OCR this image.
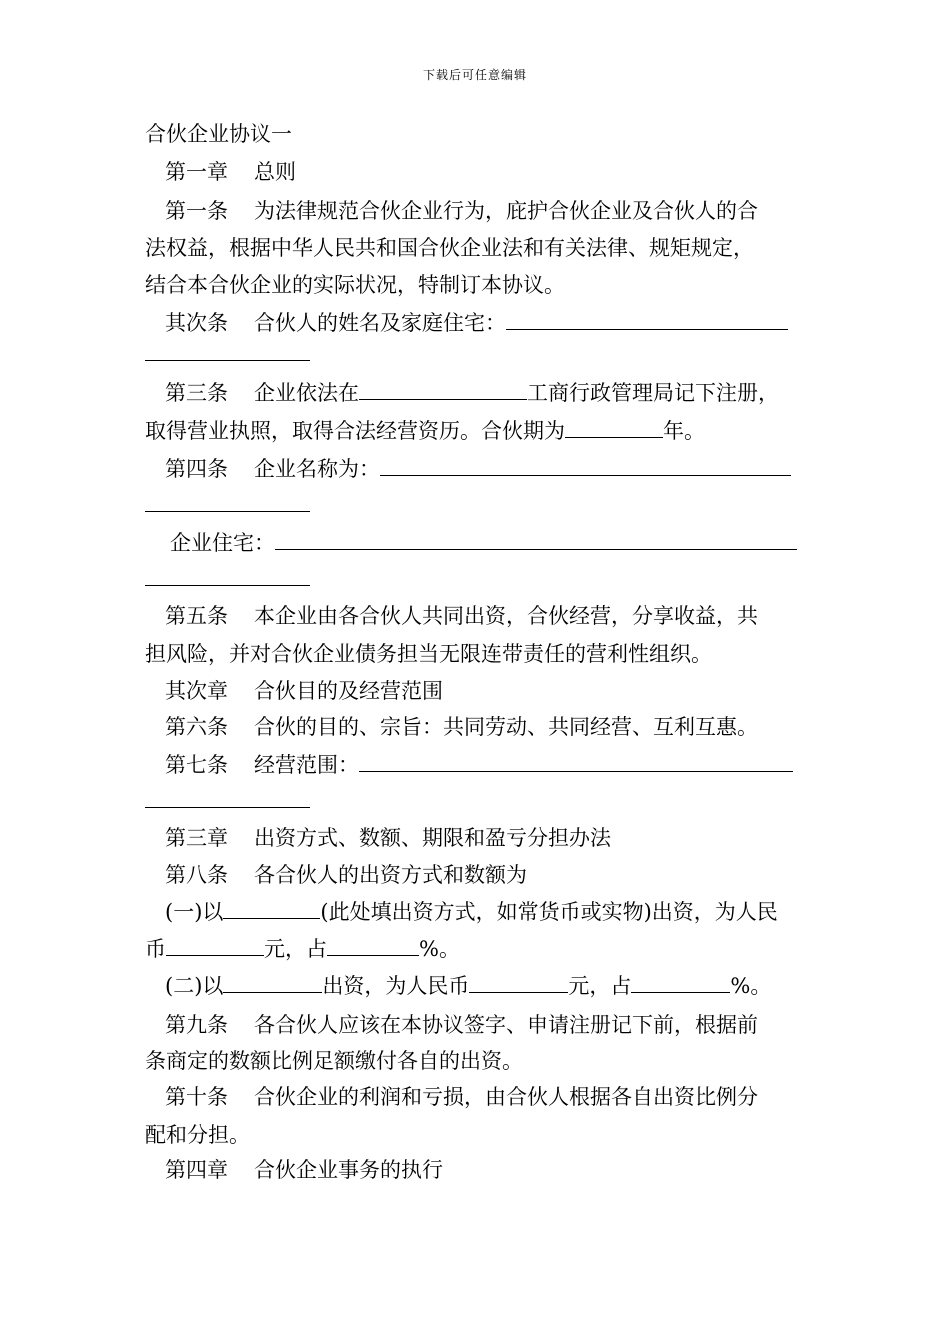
下载后可任意编辑
合伙企业协议一
第一章 总则
第一条 为法律规范合伙企业行为，庇护合伙企业及合伙人的合
法权益，根据中华人民共和国合伙企业法和有关法律、规矩规定，
结合本合伙企业的实际状况，特制订本协议。
其次条 合伙人的姓名及家庭住宅：
第三条 企业依法在	工商行政管理局记下注册，
取得营业执照，取得合法经营资历。合伙期为	年。
第四条 企业名称为：
企业住宅：
第五条 本企业由各合伙人共同出资，合伙经营，分享收益，共
担风险，并对合伙企业债务担当无限连带责任的营利性组织。
其次章 合伙目的及经营范围
第六条 合伙的目的、宗旨：共同劳动、共同经营、互利互惠。
第七条 经营范围：
第三章 出资方式、数额、期限和盈亏分担办法
第八条 各合伙人的出资方式和数额为
(一)以	(此处填出资方式，如常货币或实物)出资，为人民
币	元，占	%。
(二)以	出资，为人民币	元，占	%。
第九条 各合伙人应该在本协议签字、申请注册记下前，根据前
条商定的数额比例足额缴付各自的出资。
第十条 合伙企业的利润和亏损，由合伙人根据各自出资比例分
配和分担。
第四章 合伙企业事务的执行
